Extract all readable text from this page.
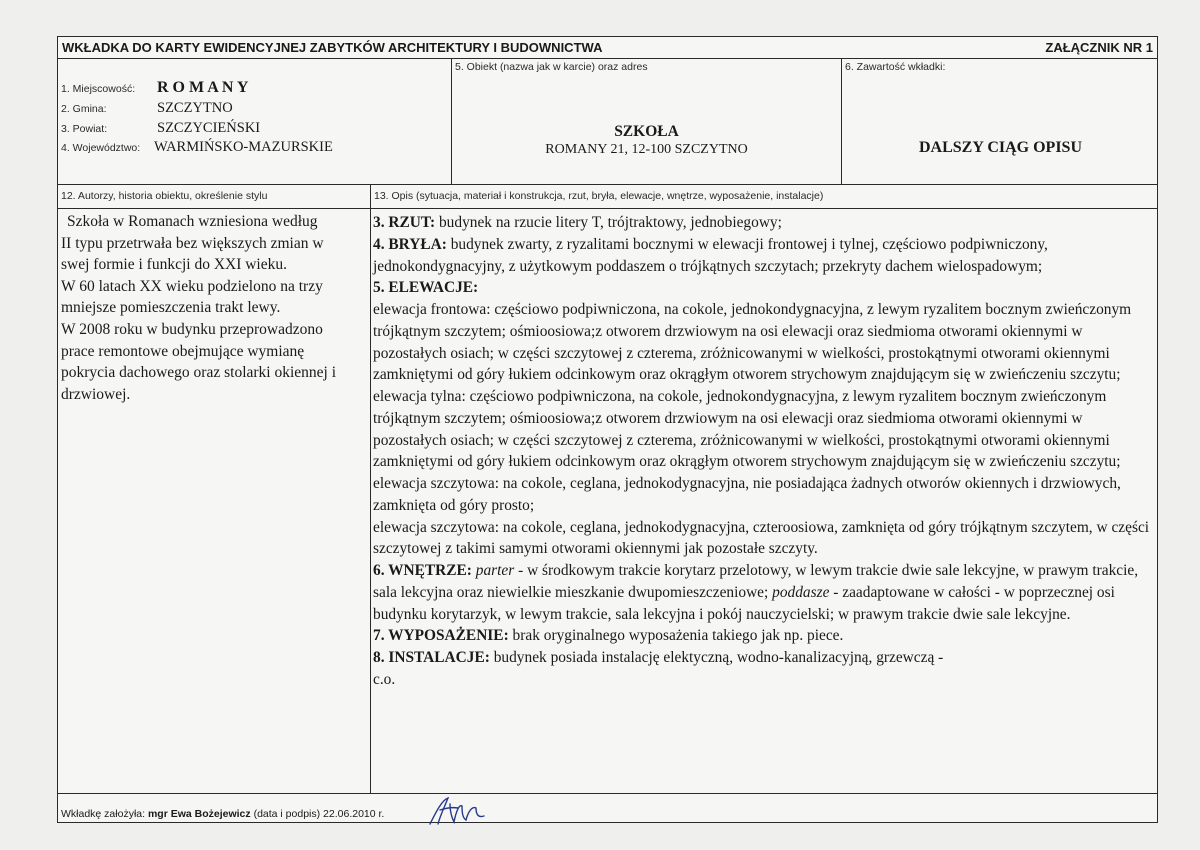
WKŁADKA DO KARTY EWIDENCYJNEJ ZABYTKÓW ARCHITEKTURY I BUDOWNICTWA	ZAŁĄCZNIK NR 1
1. Miejscowość: R O M A N Y
2. Gmina:	SZCZYTNO
3. Powiat:	SZCZYCIEŃSKI
4. Województwo: WARMIŃSKO-MAZURSKIE
5. Obiekt (nazwa jak w karcie) oraz adres
SZKOŁA
ROMANY 21, 12-100 SZCZYTNO
6. Zawartość wkładki:
DALSZY CIĄG OPISU
12. Autorzy, historia obiektu, określenie stylu	13. Opis (sytuacja, materiał i konstrukcja, rzut, bryła, elewacje, wnętrze, wyposażenie, instalacje)
Szkoła w Romanach wzniesiona według
II typu przetrwała bez większych zmian w
swej formie i funkcji do XXI wieku.
W 60 latach XX wieku podzielono na trzy
mniejsze pomieszczenia trakt lewy.
W 2008 roku w budynku przeprowadzono
prace remontowe obejmujące wymianę
pokrycia dachowego oraz stolarki okiennej i
drzwiowej.

3. RZUT: budynek na rzucie litery T, trójtraktowy, jednobiegowy;

4. BRYŁA: budynek zwarty, z ryzalitami bocznymi w elewacji frontowej i tylnej, częściowo podpiwniczony, jednokondygnacyjny, z użytkowym poddaszem o trójkątnych szczytach; przekryty dachem wielospadowym;

5. ELEWACJE:

elewacja frontowa: częściowo podpiwniczona, na cokole, jednokondygnacyjna, z lewym ryzalitem bocznym zwieńczonym trójkątnym szczytem; ośmioosiowa;z otworem drzwiowym na osi elewacji oraz siedmioma otworami okiennymi w pozostałych osiach; w części szczytowej z czterema, zróżnicowanymi w wielkości, prostokątnymi otworami okiennymi zamkniętymi od góry łukiem odcinkowym oraz okrągłym otworem strychowym znajdującym się w zwieńczeniu szczytu;

elewacja tylna: częściowo podpiwniczona, na cokole, jednokondygnacyjna, z lewym ryzalitem bocznym zwieńczonym trójkątnym szczytem; ośmioosiowa;z otworem drzwiowym na osi elewacji oraz siedmioma otworami okiennymi w pozostałych osiach; w części szczytowej z czterema, zróżnicowanymi w wielkości, prostokątnymi otworami okiennymi zamkniętymi od góry łukiem odcinkowym oraz okrągłym otworem strychowym znajdującym się w zwieńczeniu szczytu;

elewacja szczytowa: na cokole, ceglana, jednokodygnacyjna, nie posiadająca żadnych otworów okiennych i drzwiowych, zamknięta od góry prosto;

elewacja szczytowa: na cokole, ceglana, jednokodygnacyjna, czteroosiowa, zamknięta od góry trójkątnym szczytem, w części szczytowej z takimi samymi otworami okiennymi jak pozostałe szczyty.

6. WNĘTRZE: parter - w środkowym trakcie korytarz przelotowy, w lewym trakcie dwie sale lekcyjne, w prawym trakcie, sala lekcyjna oraz niewielkie mieszkanie dwupomieszczeniowe; poddasze - zaadaptowane w całości - w poprzecznej osi budynku korytarzyk, w lewym trakcie, sala lekcyjna i pokój nauczycielski; w prawym trakcie dwie sale lekcyjne.

7. WYPOSAŻENIE: brak oryginalnego wyposażenia takiego jak np. piece.

8. INSTALACJE: budynek posiada instalację elektyczną, wodno-kanalizacyjną, grzewczą -

c.o.

Wkładkę założyła: mgr Ewa Bożejewicz (data i podpis) 22.06.2010 r.
